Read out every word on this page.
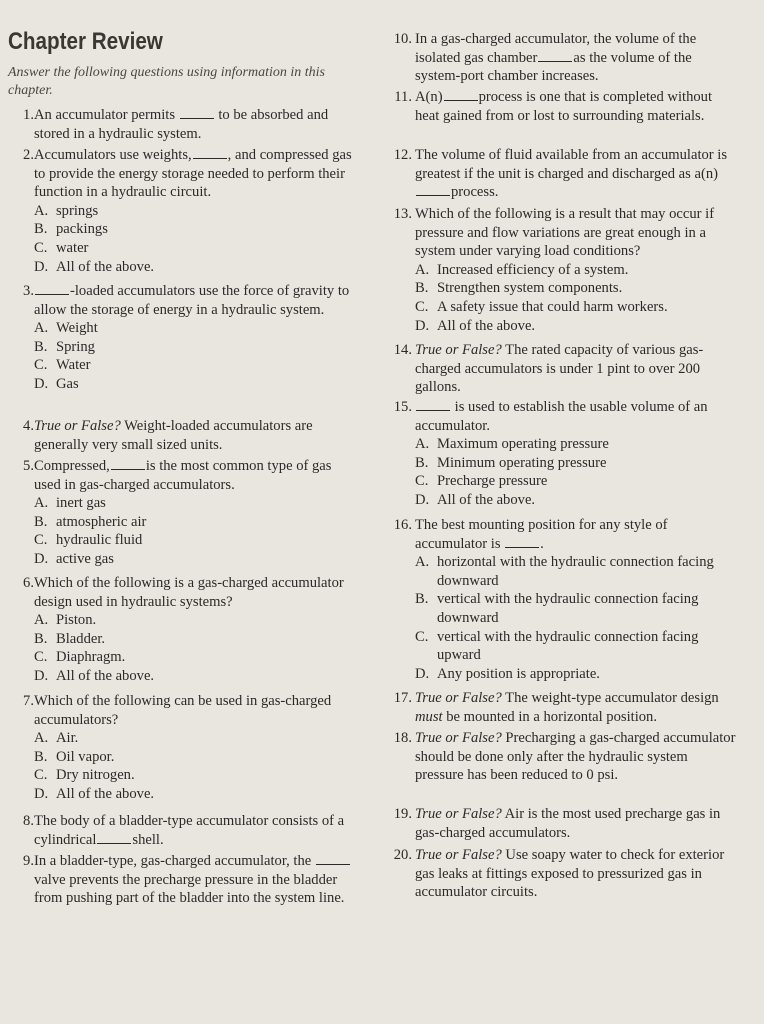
Chapter Review
Answer the following questions using information in this chapter.
1. An accumulator permits	to be absorbed and stored in a hydraulic system.
2. Accumulators use weights, , and compressed gas to provide the energy storage needed to perform their function in a hydraulic circuit.
A. springs
B. packings
C. water
D. All of the above.
3.	-loaded accumulators use the force of gravity to allow the storage of energy in a hydraulic system.
A. Weight
B. Spring
C. Water
D. Gas
4. True or False? Weight-loaded accumulators are generally very small sized units.
5. Compressed, is the most common type of gas used in gas-charged accumulators.
A. inert gas
B. atmospheric air
C. hydraulic fluid
D. active gas
6. Which of the following is a gas-charged accumulator design used in hydraulic systems?
A. Piston.
B. Bladder.
C. Diaphragm.
D. All of the above.
7. Which of the following can be used in gas-charged accumulators?
A. Air.
B. Oil vapor.
C. Dry nitrogen.
D. All of the above.
8. The body of a bladder-type accumulator consists of a cylindrical shell.
9. In a bladder-type, gas-charged accumulator, the valve prevents the precharge pressure in the bladder from pushing part of the bladder into the system line.
10. In a gas-charged accumulator, the volume of the isolated gas chamber as the volume of the system-port chamber increases.
11. A(n) process is one that is completed without heat gained from or lost to surrounding materials.
12. The volume of fluid available from an accumulator is greatest if the unit is charged and discharged as a(n)process.
13. Which of the following is a result that may occur if pressure and flow variations are great enough in a system under varying load conditions?
A. Increased efficiency of a system.
B. Strengthen system components.
C. A safety issue that could harm workers.
D. All of the above.
14. True or False? The rated capacity of various gas-charged accumulators is under 1 pint to over 200 gallons.
15.	is used to establish the usable volume of an accumulator.
A. Maximum operating pressure
B. Minimum operating pressure
C. Precharge pressure
D. All of the above.
16. The best mounting position for any style of accumulator is	.
A. horizontal with the hydraulic connection facing downward
B. vertical with the hydraulic connection facing downward
C. vertical with the hydraulic connection facing upward
D. Any position is appropriate.
17. True or False? The weight-type accumulator design must be mounted in a horizontal position.
18. True or False? Precharging a gas-charged accumulator should be done only after the hydraulic system pressure has been reduced to 0 psi.
19. True or False? Air is the most used precharge gas in gas-charged accumulators.
20. True or False? Use soapy water to check for exterior gas leaks at fittings exposed to pressurized gas in accumulator circuits.
